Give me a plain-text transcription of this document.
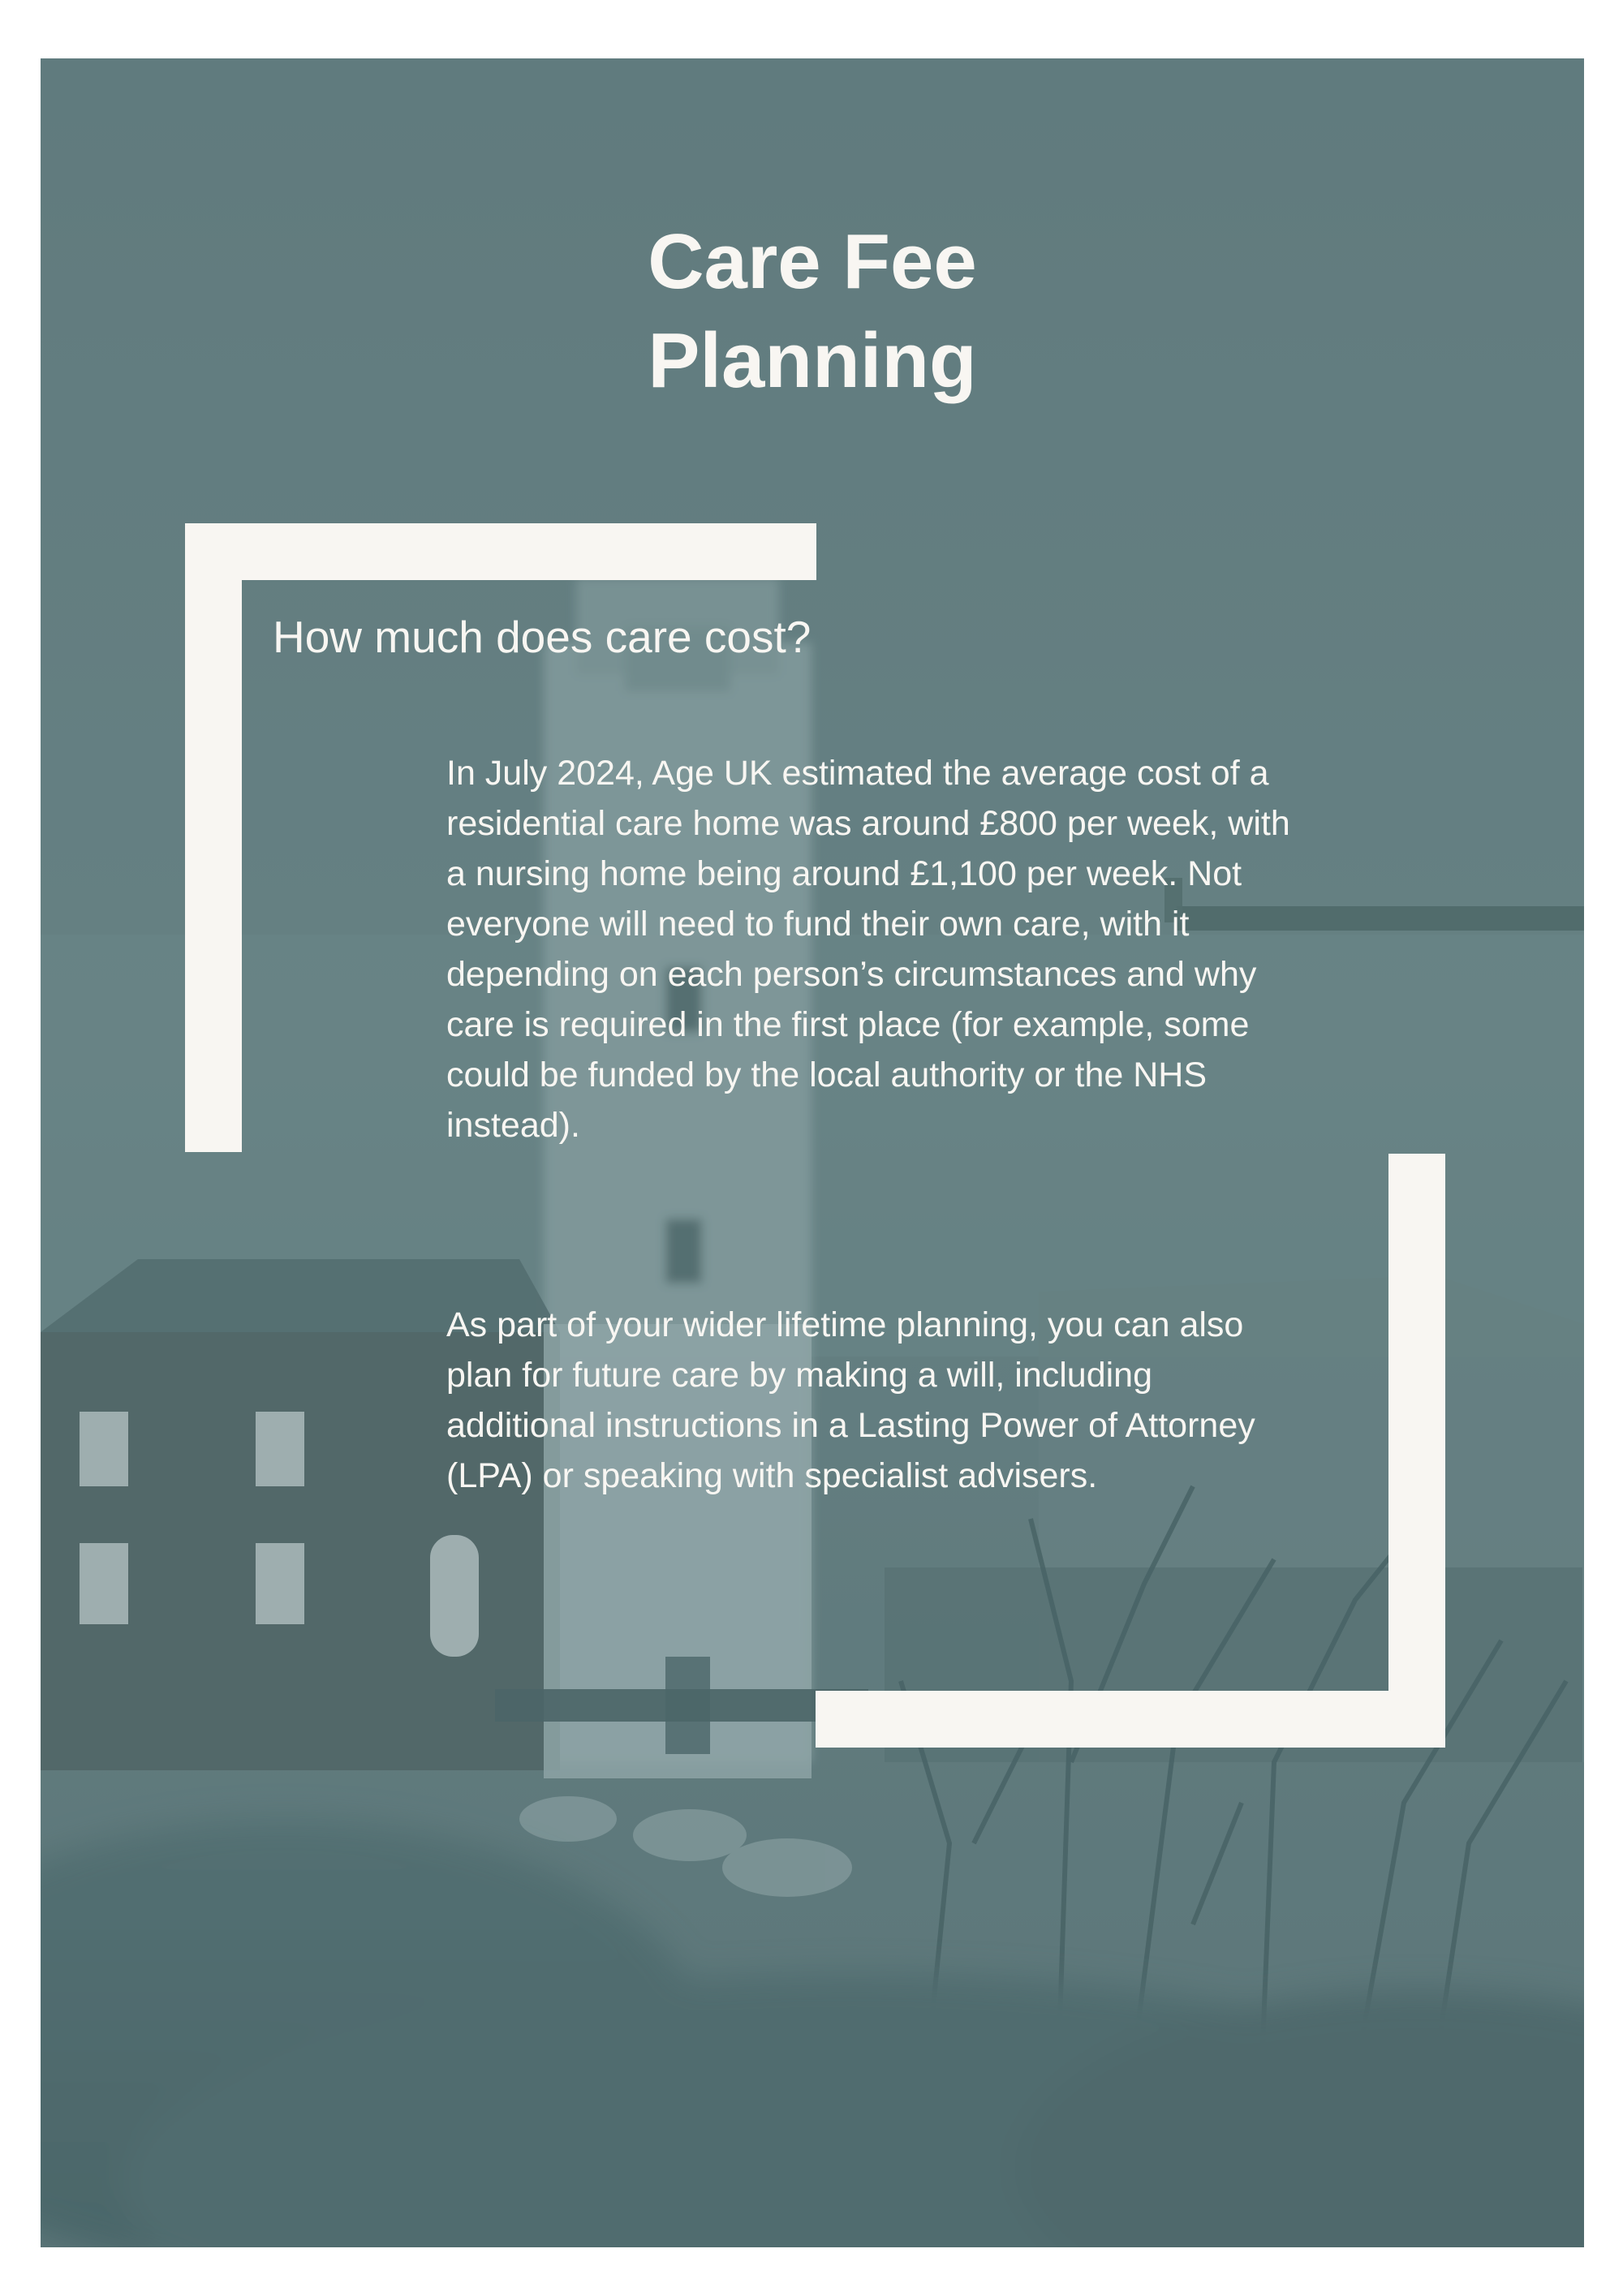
Care Fee
Planning
How much does care cost?

In July 2024, Age UK estimated the average cost of a residential care home was around £800 per week, with a nursing home being around £1,100 per week. Not everyone will need to fund their own care, with it depending on each person’s circumstances and why care is required in the first place (for example, some could be funded by the local authority or the NHS instead).

As part of your wider lifetime planning, you can also plan for future care by making a will, including additional instructions in a Lasting Power of Attorney (LPA) or speaking with specialist advisers.
